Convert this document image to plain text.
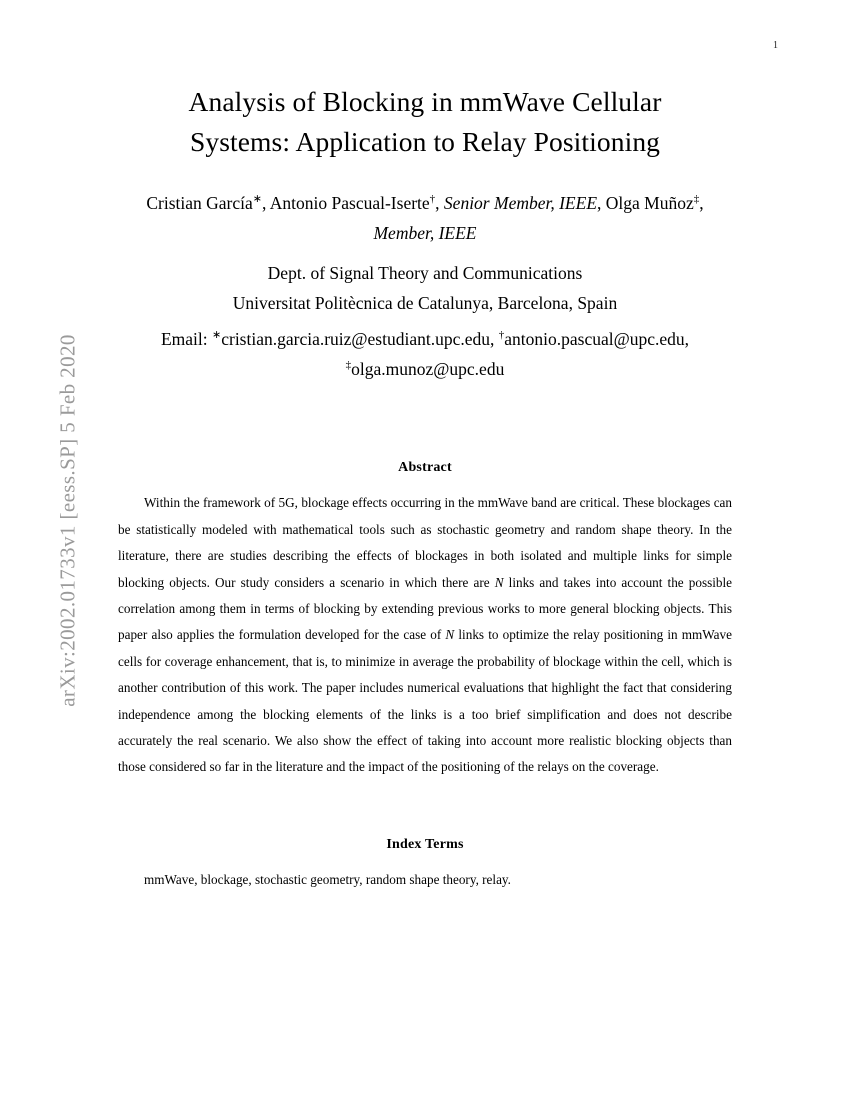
arXiv:2002.01733v1 [eess.SP] 5 Feb 2020
1
Analysis of Blocking in mmWave Cellular
Systems: Application to Relay Positioning
Cristian García∗, Antonio Pascual-Iserte†, Senior Member, IEEE, Olga Muñoz‡,
Member, IEEE
Dept. of Signal Theory and Communications
Universitat Politècnica de Catalunya, Barcelona, Spain
Email: ∗cristian.garcia.ruiz@estudiant.upc.edu, †antonio.pascual@upc.edu,
‡olga.munoz@upc.edu
Abstract

Within the framework of 5G, blockage effects occurring in the mmWave band are critical. These blockages can be statistically modeled with mathematical tools such as stochastic geometry and random shape theory. In the literature, there are studies describing the effects of blockages in both isolated and multiple links for simple blocking objects. Our study considers a scenario in which there are N links and takes into account the possible correlation among them in terms of blocking by extending previous works to more general blocking objects. This paper also applies the formulation developed for the case of N links to optimize the relay positioning in mmWave cells for coverage enhancement, that is, to minimize in average the probability of blockage within the cell, which is another contribution of this work. The paper includes numerical evaluations that highlight the fact that considering independence among the blocking elements of the links is a too brief simplification and does not describe accurately the real scenario. We also show the effect of taking into account more realistic blocking objects than those considered so far in the literature and the impact of the positioning of the relays on the coverage.

Index Terms

mmWave, blockage, stochastic geometry, random shape theory, relay.
